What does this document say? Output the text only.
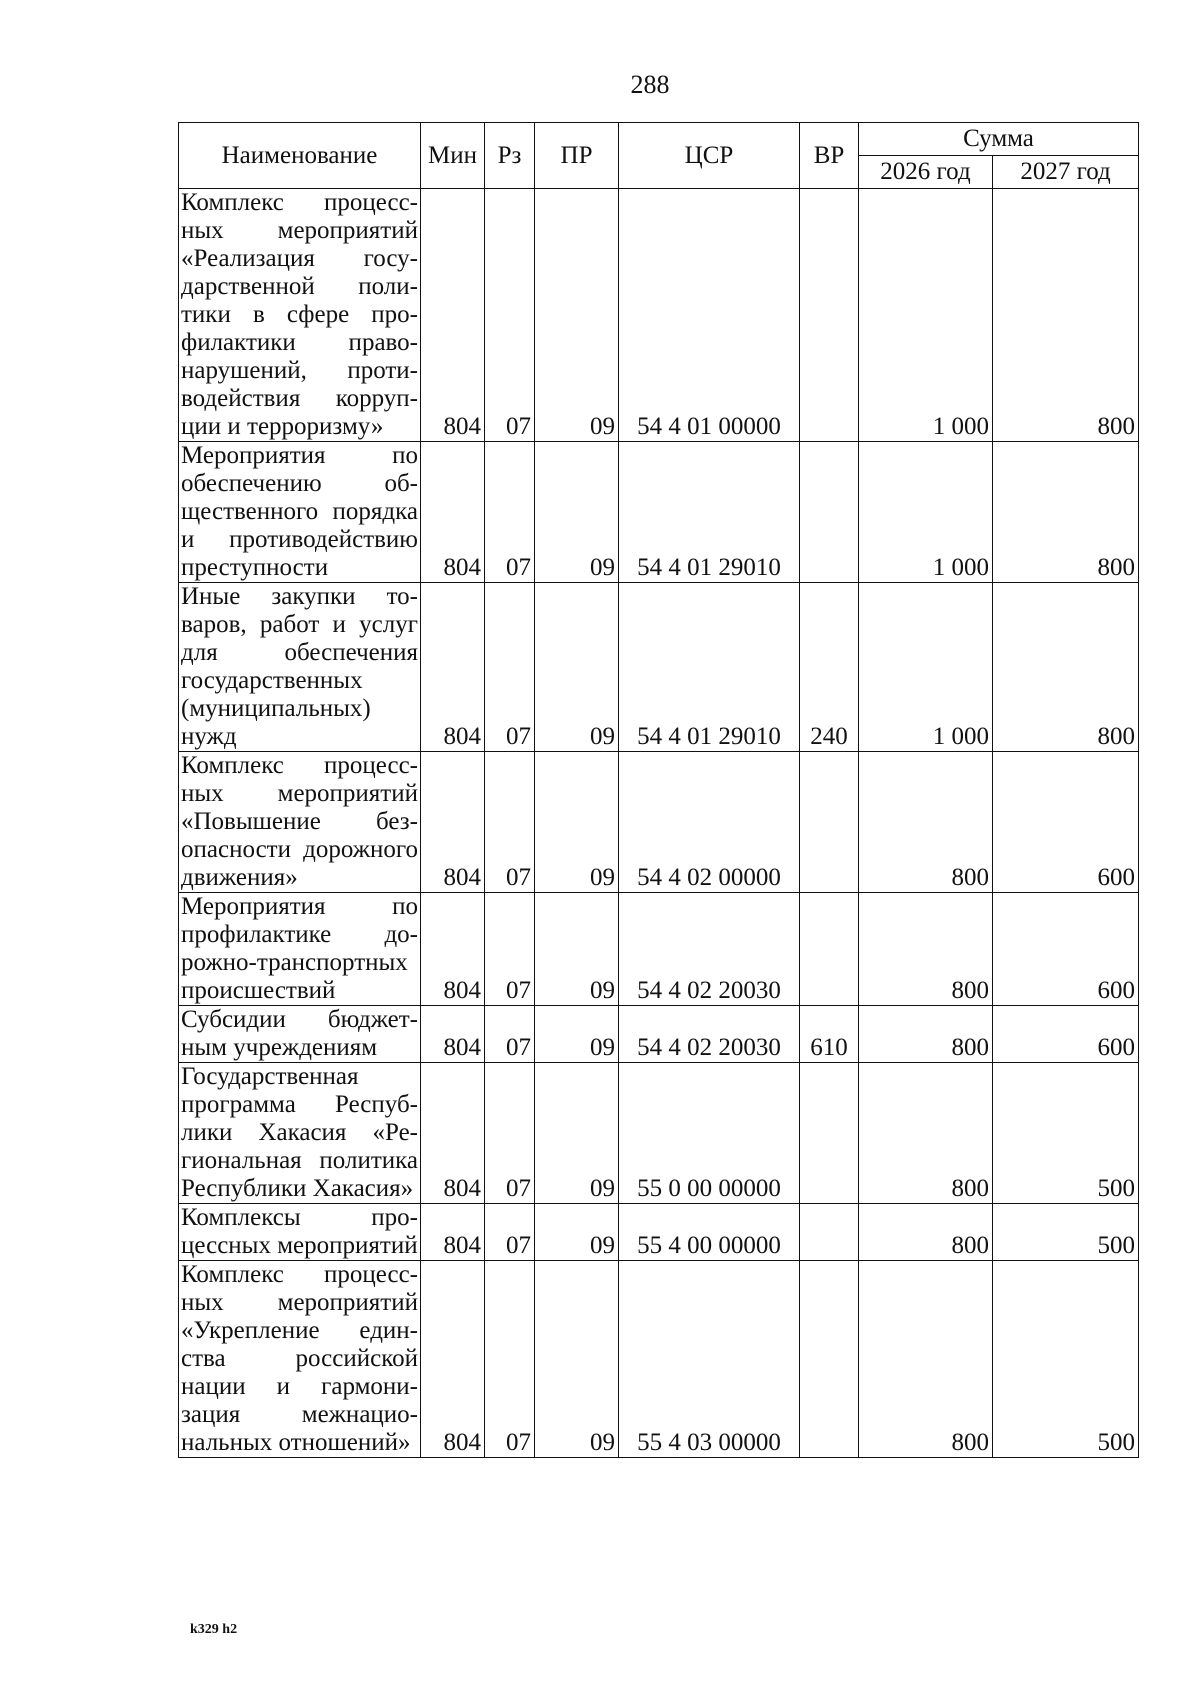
288
Наименование	Мин	Рз	ПР	ЦСР	ВР	Сумма	
						2026 год	2027 год
Комплекс процессных мероприятий «Реализация государственной политики в сфере профилактики правонарушений, противодействия коррупции и терроризму»	804	07	09	54 4 01 00000		1 000	800
Мероприятия по обеспечению общественного порядка и противодействию преступности	804	07	09	54 4 01 29010		1 000	800
Иные закупки товаров, работ и услуг для обеспечения государственных (муниципальных) нужд	804	07	09	54 4 01 29010	240	1 000	800
Комплекс процессных мероприятий «Повышение безопасности дорожного движения»	804	07	09	54 4 02 00000		800	600
Мероприятия по профилактике дорожно-транспортных происшествий	804	07	09	54 4 02 20030		800	600
Субсидии бюджетным учреждениям	804	07	09	54 4 02 20030	610	800	600
Государственная программа Республики Хакасия «Региональная политика Республики Хакасия»	804	07	09	55 0 00 00000		800	500
Комплексы процессных мероприятий	804	07	09	55 4 00 00000		800	500
Комплекс процессных мероприятий «Укрепление единства российской нации и гармонизация межнациональных отношений»	804	07	09	55 4 03 00000		800	500
k329 h2
